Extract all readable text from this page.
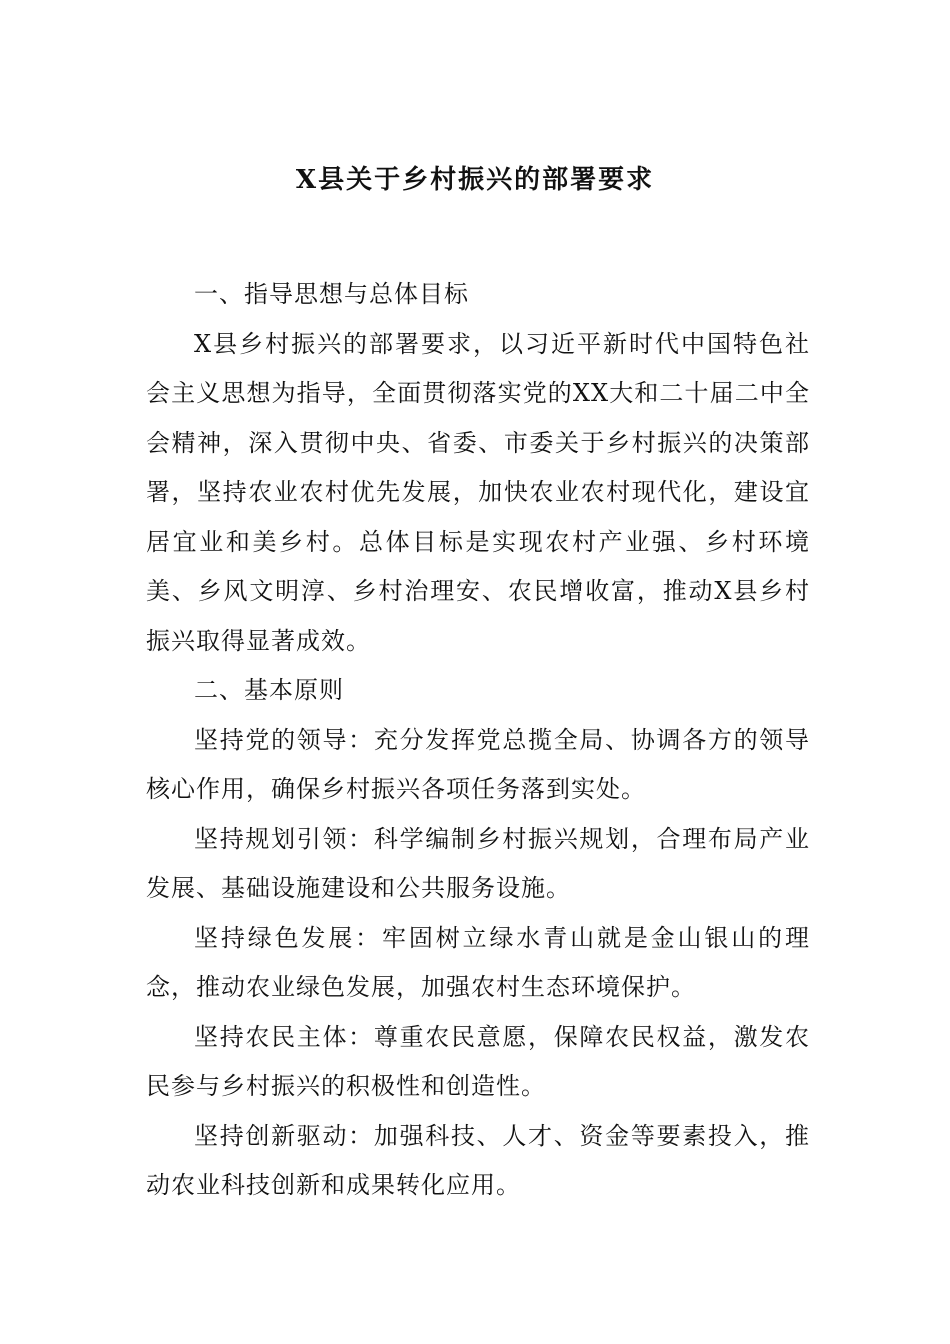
X县关于乡村振兴的部署要求

一、指导思想与总体目标

X县乡村振兴的部署要求，以习近平新时代中国特色社会主义思想为指导，全面贯彻落实党的XX大和二十届二中全会精神，深入贯彻中央、省委、市委关于乡村振兴的决策部署，坚持农业农村优先发展，加快农业农村现代化，建设宜居宜业和美乡村。总体目标是实现农村产业强、乡村环境美、乡风文明淳、乡村治理安、农民增收富，推动X县乡村振兴取得显著成效。

二、基本原则

坚持党的领导：充分发挥党总揽全局、协调各方的领导核心作用，确保乡村振兴各项任务落到实处。

坚持规划引领：科学编制乡村振兴规划，合理布局产业发展、基础设施建设和公共服务设施。

坚持绿色发展：牢固树立绿水青山就是金山银山的理念，推动农业绿色发展，加强农村生态环境保护。

坚持农民主体：尊重农民意愿，保障农民权益，激发农民参与乡村振兴的积极性和创造性。

坚持创新驱动：加强科技、人才、资金等要素投入，推动农业科技创新和成果转化应用。
